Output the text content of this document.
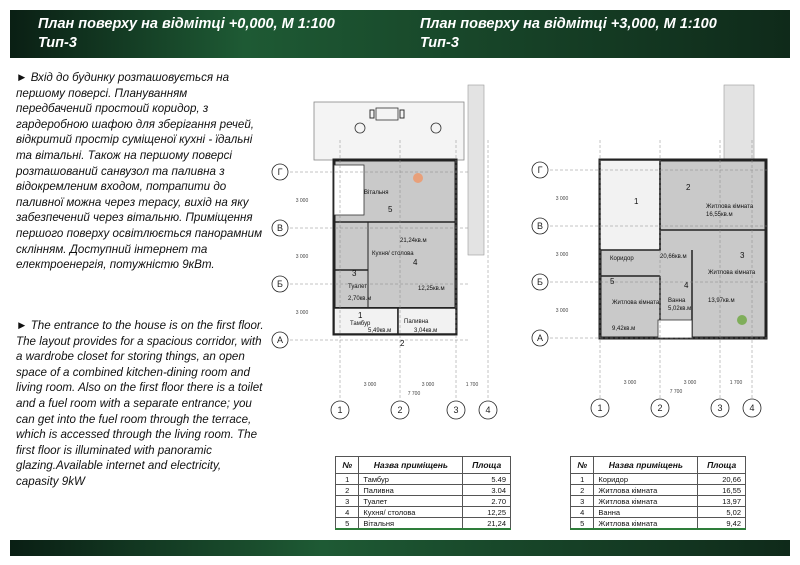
План поверху на відмітці +0,000, М 1:100
Тип-3
План поверху на відмітці +3,000, М 1:100
Тип-3
► Вхід до будинку розташовується на першому поверсі. Плануванням передбачений простоий коридор, з гардеробною шафою для зберігання речей, відкритий простір суміщеної кухні - їдальні та вітальні. Також на першому поверсі розташований санвузол та паливна з відокремленим входом, потрапити до паливної можна через терасу, вихід на яку забезпечений через вітальню. Приміщення першого поверху освітлюється панорамним склінням. Доступний інтернет та електроенергія, потужністю 9кВт.
► The entrance to the house is on the first floor. The layout provides for a spacious corridor, with a wardrobe closet for storing things, an open space of a combined kitchen-dining room and living room. Also on the first floor there is a toilet and a fuel room with a separate entrance; you can get into the fuel room through the terrace, which is accessed through the living room. The first floor is illuminated with panoramic glazing.Available internet and electricity, capasity 9kW
Г
В
Б
А
1	2	3	4
3 000	3 000	1 700
7 700
3 000
3 000
3 000
5
Вітальня
21,24кв.м
4
Кухня/ столова
12,25кв.м
3
Туалет
2,70кв.м
1
Тамбур
5,49кв.м
Паливна
2
3,04кв.м
Г
В
Б
А
1	2	3	4
3 000	3 000	1 700
7 700
3 000
3 000
3 000
1
Коридор	20,66кв.м
2
Житлова кімната
16,55кв.м
3
Житлова кімната
13,97кв.м
4
Ванна
5,02кв.м
5
Житлова кімната
9,42кв.м
№	Назва приміщень	Площа
1	Тамбур	5.49
2	Паливна	3.04
3	Туалет	2.70
4	Кухня/ столова	12,25
5	Вітальня	21,24
№	Назва приміщень	Площа
1	Коридор	20,66
2	Житлова кімната	16,55
3	Житлова кімната	13,97
4	Ванна	5,02
5	Житлова кімната	9,42
